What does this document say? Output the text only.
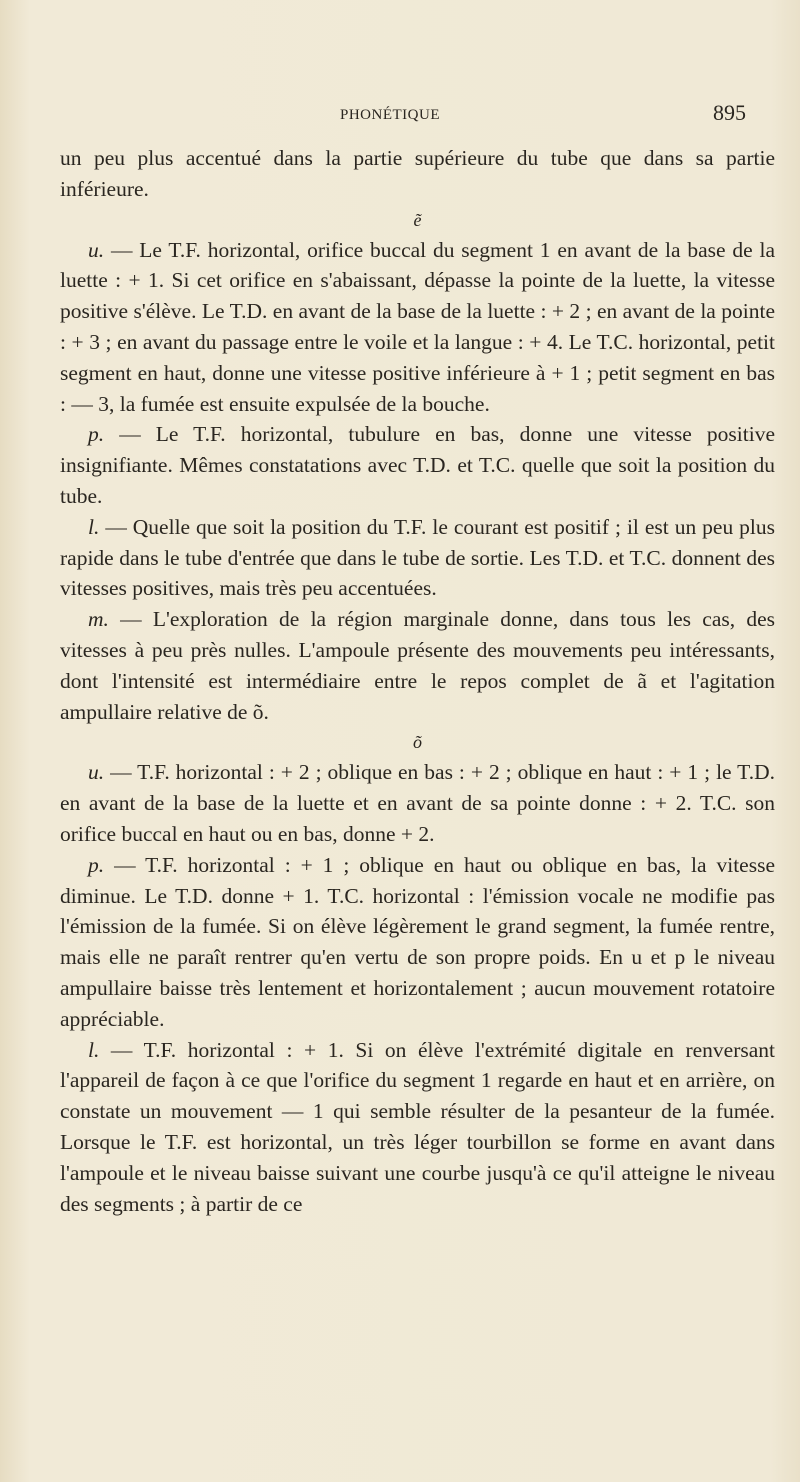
PHONÉTIQUE	895

un peu plus accentué dans la partie supérieure du tube que dans sa partie inférieure.

ẽ

u. — Le T.F. horizontal, orifice buccal du segment 1 en avant de la base de la luette : + 1. Si cet orifice en s'abaissant, dépasse la pointe de la luette, la vitesse positive s'élève. Le T.D. en avant de la base de la luette : + 2 ; en avant de la pointe : + 3 ; en avant du passage entre le voile et la langue : + 4. Le T.C. horizontal, petit segment en haut, donne une vitesse positive inférieure à + 1 ; petit segment en bas : — 3, la fumée est ensuite expulsée de la bouche.

p. — Le T.F. horizontal, tubulure en bas, donne une vitesse positive insignifiante. Mêmes constatations avec T.D. et T.C. quelle que soit la position du tube.

l. — Quelle que soit la position du T.F. le courant est positif ; il est un peu plus rapide dans le tube d'entrée que dans le tube de sortie. Les T.D. et T.C. donnent des vitesses positives, mais très peu accentuées.

m. — L'exploration de la région marginale donne, dans tous les cas, des vitesses à peu près nulles. L'ampoule présente des mouvements peu intéressants, dont l'intensité est intermédiaire entre le repos complet de ã et l'agitation ampullaire relative de õ.

õ

u. — T.F. horizontal : + 2 ; oblique en bas : + 2 ; oblique en haut : + 1 ; le T.D. en avant de la base de la luette et en avant de sa pointe donne : + 2. T.C. son orifice buccal en haut ou en bas, donne + 2.

p. — T.F. horizontal : + 1 ; oblique en haut ou oblique en bas, la vitesse diminue. Le T.D. donne + 1. T.C. horizontal : l'émission vocale ne modifie pas l'émission de la fumée. Si on élève légèrement le grand segment, la fumée rentre, mais elle ne paraît rentrer qu'en vertu de son propre poids. En u et p le niveau ampullaire baisse très lentement et horizontalement ; aucun mouvement rotatoire appréciable.

l. — T.F. horizontal : + 1. Si on élève l'extrémité digitale en renversant l'appareil de façon à ce que l'orifice du segment 1 regarde en haut et en arrière, on constate un mouvement — 1 qui semble résulter de la pesanteur de la fumée. Lorsque le T.F. est horizontal, un très léger tourbillon se forme en avant dans l'ampoule et le niveau baisse suivant une courbe jusqu'à ce qu'il atteigne le niveau des segments ; à partir de ce
